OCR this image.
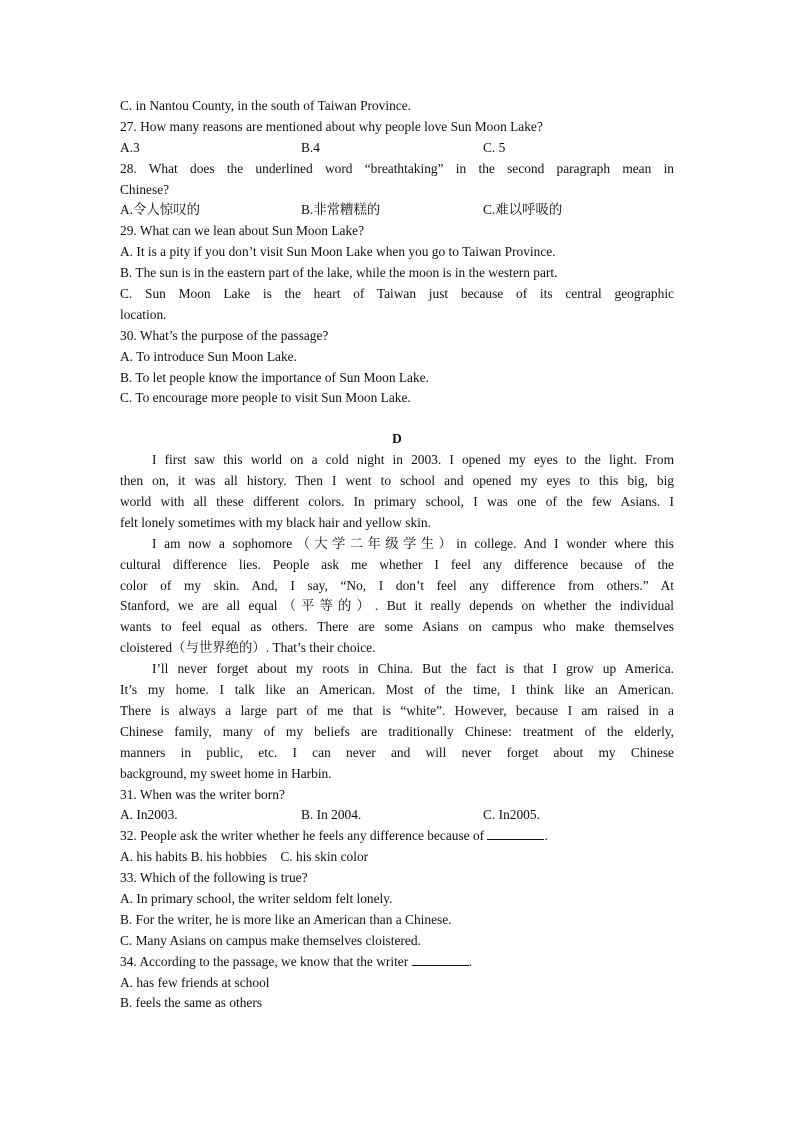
C. in Nantou County, in the south of Taiwan Province.
27. How many reasons are mentioned about why people love Sun Moon Lake?
A.3	B.4	C. 5
28. What does the underlined word “breathtaking” in the second paragraph mean in
Chinese?
A.令人惊叹的	B.非常糟糕的	C.难以呼吸的
29. What can we lean about Sun Moon Lake?
A. It is a pity if you don’t visit Sun Moon Lake when you go to Taiwan Province.
B. The sun is in the eastern part of the lake, while the moon is in the western part.
C. Sun Moon Lake is the heart of Taiwan just because of its central geographic
location.
30. What’s the purpose of the passage?
A. To introduce Sun Moon Lake.
B. To let people know the importance of Sun Moon Lake.
C. To encourage more people to visit Sun Moon Lake.
D
I first saw this world on a cold night in 2003. I opened my eyes to the light. From
then on, it was all history. Then I went to school and opened my eyes to this big, big
world with all these different colors. In primary school, I was one of the few Asians. I
felt lonely sometimes with my black hair and yellow skin.
I am now a sophomore（大学二年级学生）in college. And I wonder where this
cultural difference lies. People ask me whether I feel any difference because of the
color of my skin. And, I say, “No, I don’t feel any difference from others.” At
Stanford, we are all equal（平等的）. But it really depends on whether the individual
wants to feel equal as others. There are some Asians on campus who make themselves
cloistered（与世界绝的）. That’s their choice.
I’ll never forget about my roots in China. But the fact is that I grow up America.
It’s my home. I talk like an American. Most of the time, I think like an American.
There is always a large part of me that is “white”. However, because I am raised in a
Chinese family, many of my beliefs are traditionally Chinese: treatment of the elderly,
manners in public, etc. I can never and will never forget about my Chinese
background, my sweet home in Harbin.
31. When was the writer born?
A. In2003.	B. In 2004.	C. In2005.
32. People ask the writer whether he feels any difference because of	.
A. his habits B. his hobbies    C. his skin color
33. Which of the following is true?
A. In primary school, the writer seldom felt lonely.
B. For the writer, he is more like an American than a Chinese.
C. Many Asians on campus make themselves cloistered.
34. According to the passage, we know that the writer	.
A. has few friends at school
B. feels the same as others
